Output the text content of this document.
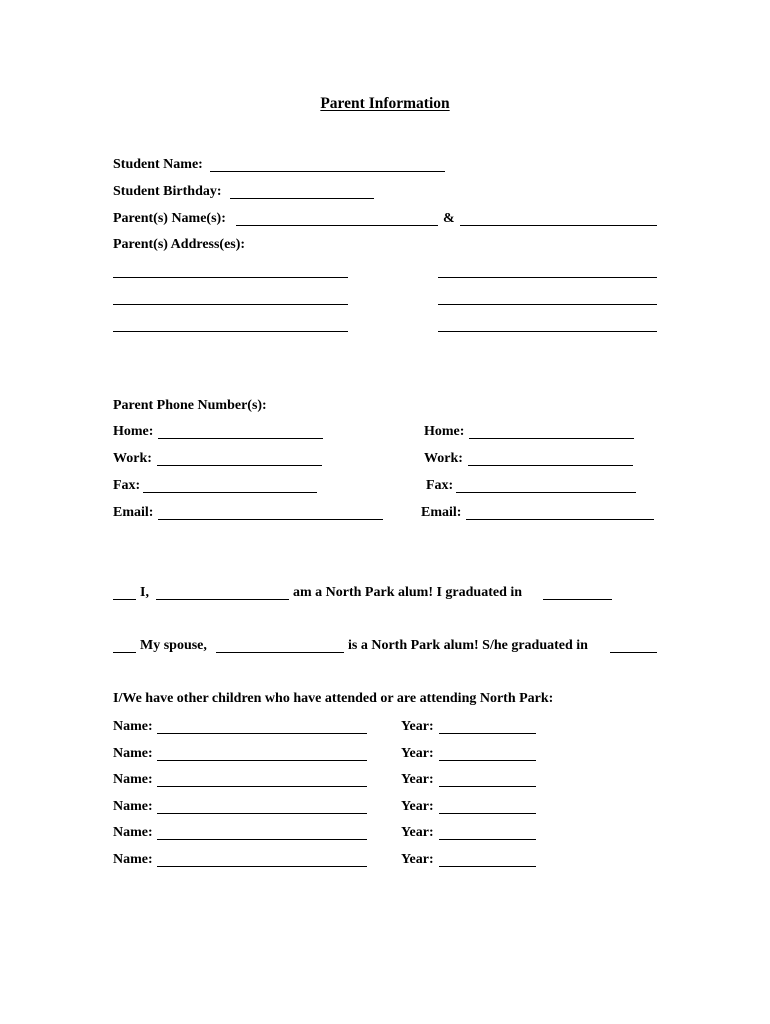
Parent Information
Student Name:
Student Birthday:
Parent(s) Name(s):	&
Parent(s) Address(es):
Parent Phone Number(s):
Home:	Home:
Work:	Work:
Fax:	Fax:
Email:	Email:
I,	am a North Park alum! I graduated in
My spouse,	is a North Park alum! S/he graduated in
I/We have other children who have attended or are attending North Park:
Name:	Year:
Name:	Year:
Name:	Year:
Name:	Year:
Name:	Year:
Name:	Year:
